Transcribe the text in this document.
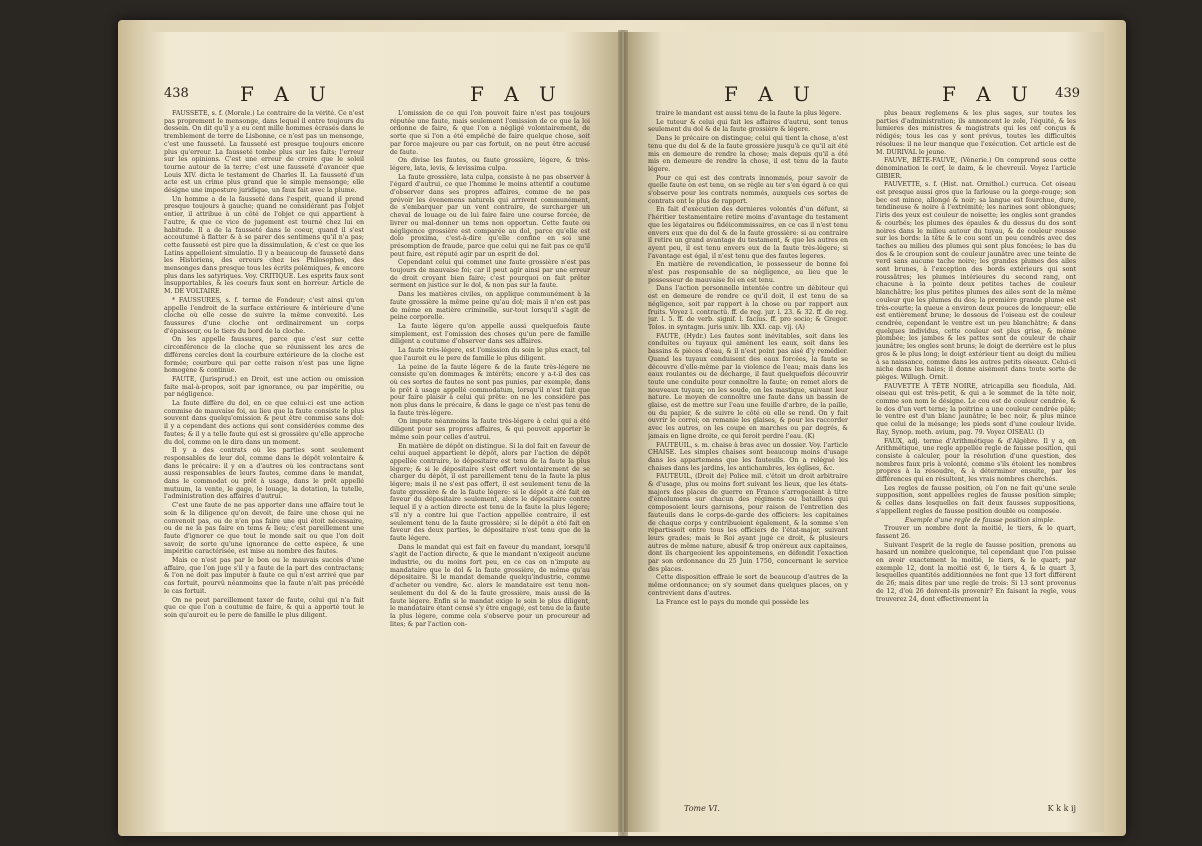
438	F A U	F A U

FAUSSETÉ, s. f. (Morale.) Le contraire de la vérité. Ce n'est pas proprement le mensonge, dans lequel il entre toujours du dessein. On dit qu'il y a eu cent mille hommes écrasés dans le tremblement de terre de Lisbonne, ce n'est pas un mensonge, c'est une fausseté. La fausseté est presque toujours encore plus qu'erreur. La fausseté tombe plus sur les faits; l'erreur sur les opinions. C'est une erreur de croire que le soleil tourne autour de la terre; c'est une fausseté d'avancer que Louis XIV. dicta le testament de Charles II. La fausseté d'un acte est un crime plus grand que le simple mensonge; elle désigne une imposture juridique, un faux fait avec la plume.

Un homme a de la fausseté dans l'esprit, quand il prend presque toujours à gauche; quand ne considérant pas l'objet entier, il attribue à un côté de l'objet ce qui appartient à l'autre, & que ce vice de jugement est tourné chez lui en habitude. Il a de la fausseté dans le coeur, quand il s'est accoutumé à flatter & à se parer des sentimens qu'il n'a pas; cette fausseté est pire que la dissimulation, & c'est ce que les Latins appelloient simulatio. Il y a beaucoup de fausseté dans les Historiens, des erreurs chez les Philosophes, des mensonges dans presque tous les écrits polémiques, & encore plus dans les satyriques. Voy. CRITIQUE. Les esprits faux sont insupportables, & les coeurs faux sont en horreur. Article de M. DE VOLTAIRE.

* FAUSSURES, s. f. terme de Fondeur; c'est ainsi qu'on appelle l'endroit de la surface extérieure & intérieure d'une cloche où elle cesse de suivre la même convexité. Les faussures d'une cloche ont ordinairement un corps d'épaisseur, ou le tiers du bord de la cloche.

On les appelle faussures, parce que c'est sur cette circonférence de la cloche que se réunissent les arcs de différens cercles dont la courbure extérieure de la cloche est formée; courbure qui par cette raison n'est pas une ligne homogène & continue.

FAUTE, (Jurisprud.) en Droit, est une action ou omission faite mal-à-propos, soit par ignorance, ou par impéritie, ou par négligence.

La faute diffère du dol, en ce que celui-ci est une action commise de mauvaise foi, au lieu que la faute consiste le plus souvent dans quelqu'omission & peut être commise sans dol: il y a cependant des actions qui sont considérées comme des fautes; & il y a telle faute qui est si grossière qu'elle approche du dol, comme on le dira dans un moment.

Il y a des contrats où les parties sont seulement responsables de leur dol, comme dans le dépôt volontaire & dans le précaire: il y en a d'autres où les contractans sont aussi responsables de leurs fautes, comme dans le mandat, dans le commodat ou prêt à usage, dans le prêt appellé mutuum, la vente, le gage, le louage, la dotation, la tutelle, l'administration des affaires d'autrui.

C'est une faute de ne pas apporter dans une affaire tout le soin & la diligence qu'on devoit, de faire une chose qui ne convenoit pas, ou de n'en pas faire une qui étoit nécessaire, ou de ne la pas faire en tems & lieu; c'est pareillement une faute d'ignorer ce que tout le monde sait ou que l'on doit savoir, de sorte qu'une ignorance de cette espèce, & une impéritie caractérisée, est mise au nombre des fautes.

Mais ce n'est pas par le bon ou le mauvais succès d'une affaire, que l'on juge s'il y a faute de la part des contractans; & l'on ne doit pas imputer à faute ce qui n'est arrivé que par cas fortuit, pourvû néanmoins que la faute n'ait pas précédé le cas fortuit.

On ne peut pareillement taxer de faute, celui qui n'a fait que ce que l'on a coutume de faire, & qui a apporté tout le soin qu'auroit eu le pere de famille le plus diligent.

L'omission de ce qui l'on pouvoit faire n'est pas toujours réputée une faute, mais seulement l'omission de ce que la loi ordonne de faire, & que l'on a négligé volontairement, de sorte que si l'on a été empêché de faire quelque chose, soit par force majeure ou par cas fortuit, on ne peut être accusé de faute.

On divise les fautes, ou faute grossière, légere, & très-légere, lata, levis, & levissima culpa.

La faute grossière, lata culpa, consiste à ne pas observer à l'égard d'autrui, ce que l'homme le moins attentif a coutume d'observer dans ses propres affaires, comme de ne pas prévoir les évenemens naturels qui arrivent communément, de s'embarquer par un vent contraire, de surcharger un cheval de louage ou de lui faire faire une course forcée, de livrer ou mal-donner un tems non opportun. Cette faute ou négligence grossière est comparée au dol, parce qu'elle est dolo proxima, c'est-à-dire qu'elle confine en soi une présomption de fraude, parce que celui qui ne fait pas ce qu'il peut faire, est réputé agir par un esprit de dol.

Cependant celui qui commet une faute grossière n'est pas toujours de mauvaise foi; car il peut agir ainsi par une erreur de droit croyant bien faire; c'est pourquoi on fait prêter serment en justice sur le dol, & non pas sur la faute.

Dans les matières civiles, on applique communément à la faute grossière la même peine qu'au dol; mais il n'en est pas de même en matière criminelle, sur-tout lorsqu'il s'agit de peine corporelle.

La faute légere qu'on appelle aussi quelquefois faute simplement, est l'omission des choses qu'un pere de famille diligent a coutume d'observer dans ses affaires.

La faute très-légere, est l'omission du soin le plus exact, tel que l'auroit eu le pere de famille le plus diligent.

La peine de la faute légere & de la faute très-légere ne consiste qu'en dommages & intérêts; encore y a-t-il des cas où ces sortes de fautes ne sont pas punies, par exemple, dans le prêt à usage appellé commodatum, lorsqu'il n'est fait que pour faire plaisir à celui qui prête: on ne les considère pas non plus dans le précaire, & dans le gage ce n'est pas tenu de la faute très-légere.

On impute néanmoins la faute très-légere à celui qui a été diligent pour ses propres affaires, & qui pouvoit apporter le même soin pour celles d'autrui.

En matière de dépôt on distingue. Si la dol fait en faveur de celui auquel appartient le dépôt, alors par l'action de dépôt appellée contraire, le dépositaire est tenu de la faute la plus légere; & si le dépositaire s'est offert volontairement de se charger du dépôt, il est pareillement tenu de la faute la plus légere; mais il ne s'est pas offert, il est seulement tenu de la faute grossière & de la faute légere: si le dépôt a été fait en faveur du dépositaire seulement, alors le dépositaire contre lequel il y a action directe est tenu de la faute la plus légere; s'il n'y a contre lui que l'action appellée contraire, il est seulement tenu de la faute grossière; si le dépôt a été fait en faveur des deux parties, le dépositaire n'est tenu que de la faute légere.

Dans le mandat qui est fait en faveur du mandant, lorsqu'il s'agit de l'action directe, & que le mandant n'exigeoit aucune industrie, ou du moins fort peu, en ce cas on n'impute au mandataire que le dol & la faute grossière, de même qu'au dépositaire. Si le mandat demande quelqu'industrie, comme d'acheter ou vendre, &c. alors le mandataire est tenu non-seulement du dol & de la faute grossière, mais aussi de la faute légere. Enfin si le mandat exige le soin le plus diligent, le mandataire étant censé s'y être engagé, est tenu de la faute la plus légere, comme cela s'observe pour un procureur ad lites; & par l'action con-

F A U	F A U 439

traire le mandant est aussi tenu de la faute la plus légere.

Le tuteur & celui qui fait les affaires d'autrui, sont tenus seulement du dol & de la faute grossière & légere.

Dans le précaire on distingue; celui qui tient la chose, n'est tenu que du dol & de la faute grossière jusqu'à ce qu'il ait été mis en demeure de rendre la chose; mais depuis qu'il a été mis en demeure de rendre la chose, il est tenu de la faute légere.

Pour ce qui est des contrats innommés, pour savoir de quelle faute on est tenu, on se règle au ter s'en égard à ce qui s'observe pour les contrats nommés, auxquels ces sortes de contrats ont le plus de rapport.

En fait d'exécution des dernieres volontés d'un défunt, si l'héritier testamentaire retire moins d'avantage du testament que les légataires ou fidéicommissaires, en ce cas il n'est tenu envers eux que du dol & de la faute grossière: si au contraire il retire un grand avantage du testament, & que les autres en ayent peu, il est tenu envers eux de la faute très-légere; si l'avantage est égal, il n'est tenu que des fautes legeres.

En matière de revendication, le possesseur de bonne foi n'est pas responsable de sa négligence, au lieu que le possesseur de mauvaise foi en est tenu.

Dans l'action personnelle intentée contre un débiteur qui est en demeure de rendre ce qu'il doit, il est tenu de sa négligence, soit par rapport à la chose ou par rapport aux fruits. Voyez l. contractû. ff. de reg. jur. l. 23. & 32. ff. de reg. jur. l. 5. ff. de verb. signif. l. facius. ff. pro socio; & Gregor. Tolos. in syntagm. juris univ. lib. XXI. cap. vij. (A)

FAUTE, (Hydr.) Les fautes sont inévitables, soit dans les conduites ou tuyaux qui amènent les eaux, soit dans les bassins & pièces d'eau, & il n'est point pas aisé d'y remédier. Quand les tuyaux conduisent des eaux forcées, la faute se découvre d'elle-même par la violence de l'eau; mais dans les eaux roulantes ou de décharge, il faut quelquefois découvrir toute une conduite pour connoître la faute; on remet alors de nouveaux tuyaux; on les soude, on les mastique, suivant leur nature. Le moyen de connoître une faute dans un bassin de glaise, est de mettre sur l'eau une feuille d'arbre, de la paille, ou du papier, & de suivre le côté où elle se rend. On y fait ouvrir le corroi; on remanie les glaises, & pour les raccorder avec les autres, on les coupe en marches ou par degrés, & jamais en ligne droite, ce qui feroit perdre l'eau. (K)

FAUTEUIL, s. m. chaise à bras avec un dossier. Voy. l'article CHAISE. Les simples chaises sont beaucoup moins d'usage dans les appartemens que les fauteuils. On a relégué les chaises dans les jardins, les antichambres, les églises, &c.

FAUTEUIL, (Droit de) Police mil. c'étoit un droit arbitraire & d'usage, plus ou moins fort suivant les lieux, que les états-majors des places de guerre en France s'arrogeoient à titre d'émolumens sur chacun des régimens ou bataillons qui composoient leurs garnisons, pour raison de l'entretien des fauteuils dans le corps-de-garde des officiers: les capitaines de chaque corps y contribuoient également, & la somme s'en répartissoit entre tous les officiers de l'état-major, suivant leurs grades; mais le Roi ayant jugé ce droit, & plusieurs autres de même nature, abusif & trop onéreux aux capitaines, dont ils chargeoient les appointemens, en défendit l'exaction par son ordonnance du 25 Juin 1750, concernant le service des places.

Cette disposition effraie le sort de beaucoup d'autres de la même ordonnance; on s'y soumet dans quelques places, on y contrevient dans d'autres.

La France est le pays du monde qui possède les

Tome VI.

plus beaux reglemens & les plus sages, sur toutes les parties d'administration; ils annoncent le zele, l'équité, & les lumieres des ministres & magistrats qui les ont conçus & rédigés; tous les cas y sont prévus, toutes les difficultés résolues: il ne leur manque que l'exécution. Cet article est de M. DURIVAL le jeune.

FAUVE, BÊTE-FAUVE, (Vénerie.) On comprend sous cette dénomination le cerf, le daim, & le chevreuil. Voyez l'article GIBIER.

FAUVETTE, s. f. (Hist. nat. Ornithol.) curruca. Cet oiseau est presque aussi gros que la farlouse ou la gorge-rouge; son bec est mince, allongé & noir; sa langue est fourchue, dure, tendineuse & noire à l'extrémité; les narines sont oblongues; l'iris des yeux est couleur de noisette; les ongles sont grandes & courbés; les plumes des épaules & du dessus du dos sont noires dans le milieu autour du tuyau, & de couleur rousse sur les bords: la tête & le cou sont un peu cendrés avec des taches au milieu des plumes qui sont plus foncées; le bas du dos & le croupion sont de couleur jaunâtre avec une teinte de verd sans aucune tache noire; les grandes plumes des ailes sont brunes, à l'exception des bords extérieurs qui sont roussâtres; les plumes intérieures du second rang, ont chacune à la pointe deux petites taches de couleur blanchâtre; les plus petites plumes des ailes sont de la même couleur que les plumes du dos; la première grande plume est très-courte; la queue a environ deux pouces de longueur; elle est entièrement brune; le dessous de l'oiseau est de couleur cendrée, cependant le ventre est un peu blanchâtre; & dans quelques individus, cette couleur est plus grise, & même plombée; les jambes & les pattes sont de couleur de chair jaunâtre; les ongles sont bruns; le doigt de derrière est le plus gros & le plus long; le doigt extérieur tient au doigt du milieu à sa naissance, comme dans les autres petits oiseaux. Celui-ci niche dans les haies; il donne aisément dans toute sorte de pièges. Willugh. Ornit.

FAUVETTE À TÊTE NOIRE, atricapilla seu ficedula, Ald. oiseau qui est très-petit, & qui a le sommet de la tête noir, comme son nom le désigne. Le cou est de couleur cendrée, & le dos d'un vert terne; la poitrine a une couleur cendrée pâle; le ventre est d'un blanc jaunâtre; le bec noir, & plus mince que celui de la mésange; les pieds sont d'une couleur livide. Ray, Synop. meth. avium, pag. 79. Voyez OISEAU. (I)

FAUX, adj. terme d'Arithmétique & d'Algèbre. Il y a, en Arithmétique, une regle appellée regle de fausse position, qui consiste à calculer, pour la résolution d'une question, des nombres faux pris à volonté, comme s'ils étoient les nombres propres à la résoudre, & à déterminer ensuite, par les différences qui en résultent, les vrais nombres cherchés.

Les regles de fausse position, où l'on ne fait qu'une seule supposition, sont appellées regles de fausse position simple; & celles dans lesquelles on fait deux fausses suppositions, s'appellent regles de fausse position double ou composée.

Exemple d'une regle de fausse position simple.

Trouver un nombre dont la moitié, le tiers, & le quart, fassent 26.

Suivant l'esprit de la regle de fausse position, prenons au hasard un nombre quelconque, tel cependant que l'on puisse en avoir exactement la moitié, le tiers, & le quart; par exemple 12, dont la moitié est 6, le tiers 4, & le quart 3, lesquelles quantités additionnées ne font que 13 fort différent de 26; mais dites par une regle de trois: Si 13 sont provenus de 12, d'où 26 doivent-ils provenir? En faisant la regle, vous trouverez 24, dont effectivement la

K k k ij
